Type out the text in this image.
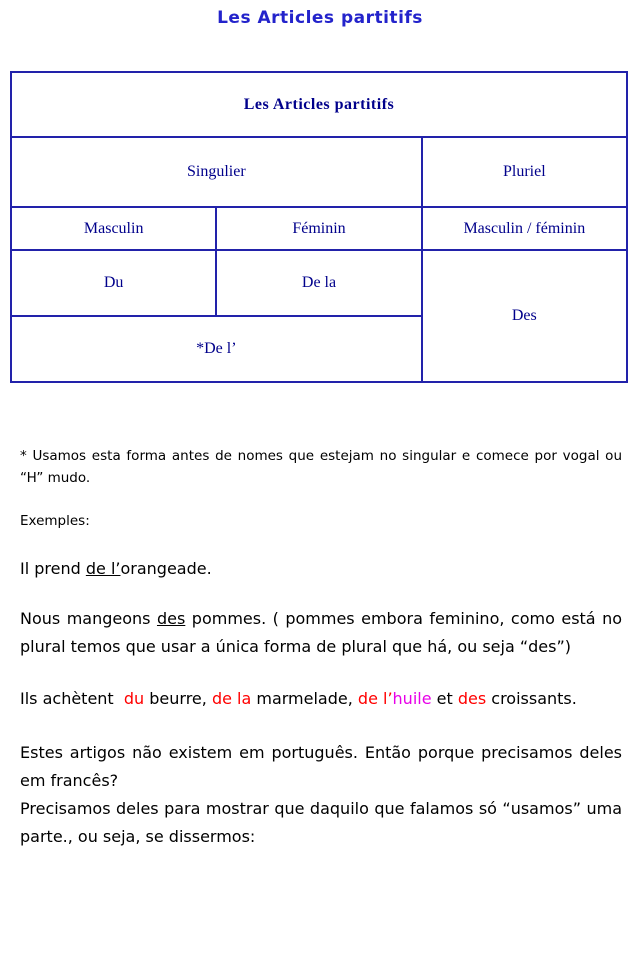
Les Articles partitifs
Les Articles partitifs		
Singulier		Pluriel
Masculin	Féminin	Masculin / féminin
Du	De la	Des
*De l’		

* Usamos esta forma antes de nomes que estejam no singular e comece por vogal ou “H” mudo.

Exemples:

Il prend de l’orangeade.

Nous mangeons des pommes. ( pommes embora feminino, como está no plural temos que usar a única forma de plural que há, ou seja “des”)

Ils achètent  du beurre, de la marmelade, de l’huile et des croissants.

Estes artigos não existem em português. Então porque precisamos deles em francês?

Precisamos deles para mostrar que daquilo que falamos só “usamos” uma parte., ou seja, se dissermos:
